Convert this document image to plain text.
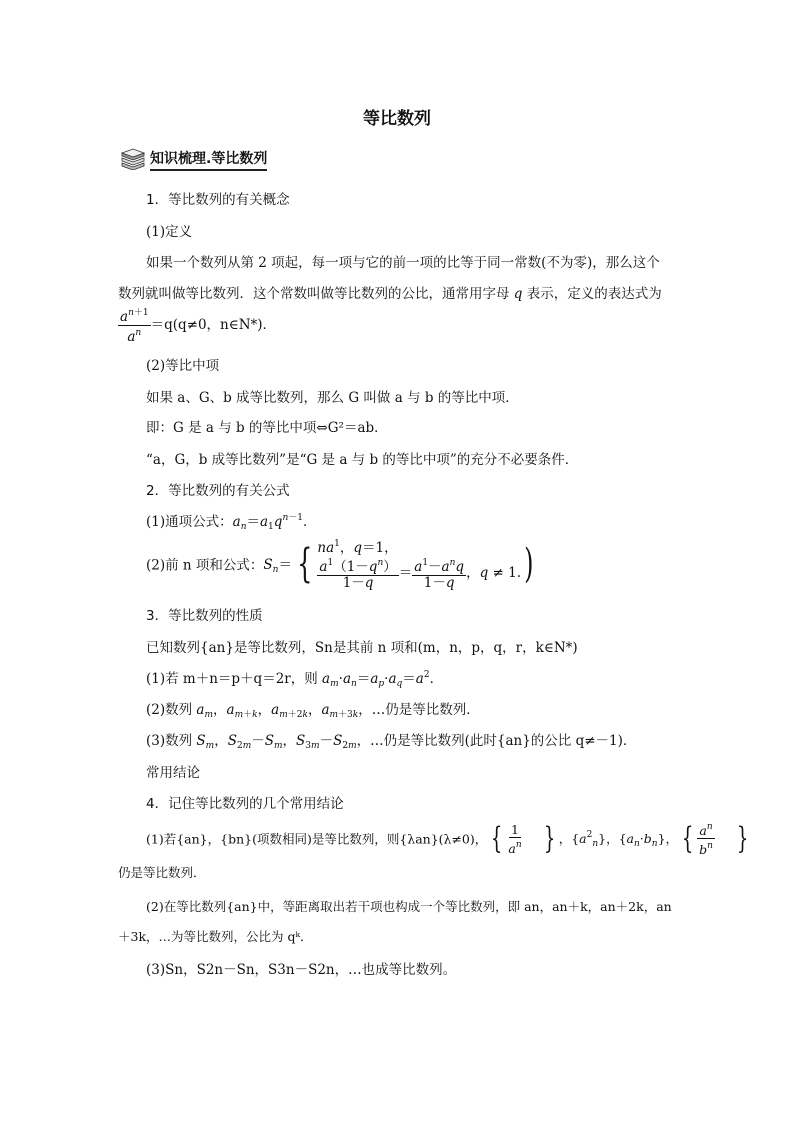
等比数列
知识梳理.等比数列
1．等比数列的有关概念
(1)定义
如果一个数列从第 2 项起，每一项与它的前一项的比等于同一常数(不为零)，那么这个
数列就叫做等比数列．这个常数叫做等比数列的公比，通常用字母 q 表示，定义的表达式为
$\frac{a^{n+1}}{a^n} =q(q\ne 0$，n∈N*)．
(2)等比中项
如果 a、G、b 成等比数列，那么 G 叫做 a 与 b 的等比中项．
即：G 是 a 与 b 的等比中项⇔G²＝ab．
“a，G，b 成等比数列”是“G 是 a 与 b 的等比中项”的充分不必要条件．
2．等比数列的有关公式
(1)通项公式：$a_n=a_1q^{n-1}$．
(2)前 n 项和公式：$S_n=$ { $na^1$，q＝1，
$\frac{a^1(1-q^n)}{1-q} = \frac{a^1-a^nq}{1-q}$ ，q ≠ 1. )
3．等比数列的性质
已知数列{an}是等比数列，Sn是其前 n 项和(m，n，p，q，r，k∈N*)
(1)若 m＋n＝p＋q＝2r，则 $a_m\cdot a_n=a_p\cdot a_q=a^2$．
(2)数列 $a_m$，$a_{m+k}$，$a_{m+2k}$，$a_{m+3k}$，…仍是等比数列．
(3)数列 $S_m$，$S_{2m}-S_m$，$S_{3m}-S_{2m}$，…仍是等比数列(此时{an}的公比 q≠－1)．
常用结论
4．记住等比数列的几个常用结论
(1)若{an}，{bn}(项数相同)是等比数列，则{λan}(λ≠0)， { $\frac{1}{a^n}$ } ，$\{a^2_n\}$，$\{a_n\cdot b_n\}$， { $\frac{a^n}{b^n}$ }
仍是等比数列．
(2)在等比数列{an}中，等距离取出若干项也构成一个等比数列，即 an，an＋k，an＋2k，an
＋3k，…为等比数列，公比为 qᵏ．
(3)Sn，S2n－Sn，S3n－S2n，…也成等比数列。
